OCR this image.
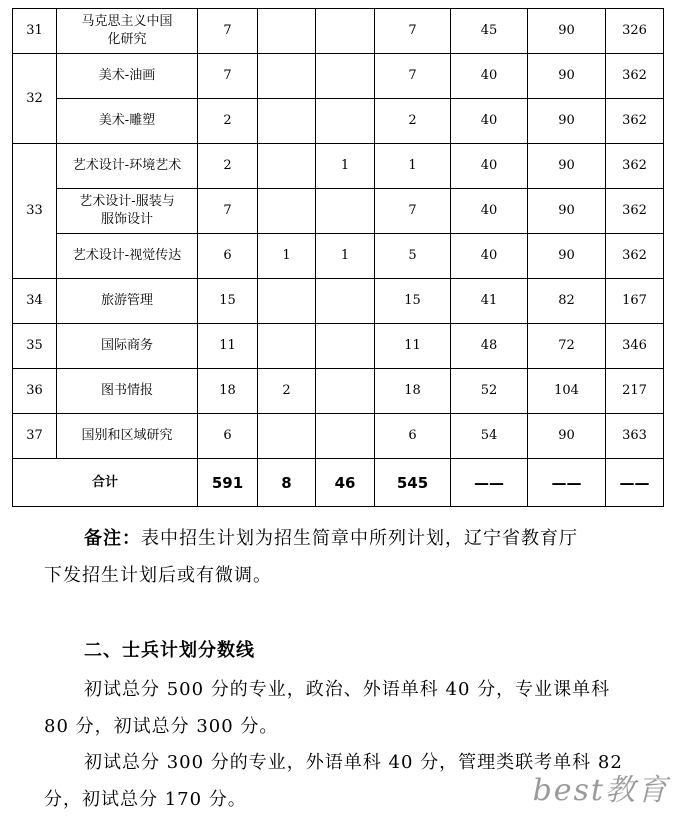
31	马克思主义中国化研究	7			7	45	90	326
32	美术-油画	7			7	40	90	362
	美术-雕塑	2			2	40	90	362
33	艺术设计-环境艺术	2		1	1	40	90	362
	艺术设计-服装与服饰设计	7			7	40	90	362
	艺术设计-视觉传达	6	1	1	5	40	90	362
34	旅游管理	15			15	41	82	167
35	国际商务	11			11	48	72	346
36	图书情报	18	2		18	52	104	217
37	国别和区域研究	6			6	54	90	363
合计		591	8	46	545	——	——	——
备注：表中招生计划为招生简章中所列计划，辽宁省教育厅
下发招生计划后或有微调。
二、士兵计划分数线
初试总分 500 分的专业，政治、外语单科 40 分，专业课单科
80 分，初试总分 300 分。
初试总分 300 分的专业，外语单科 40 分，管理类联考单科 82
分，初试总分 170 分。	best教育
